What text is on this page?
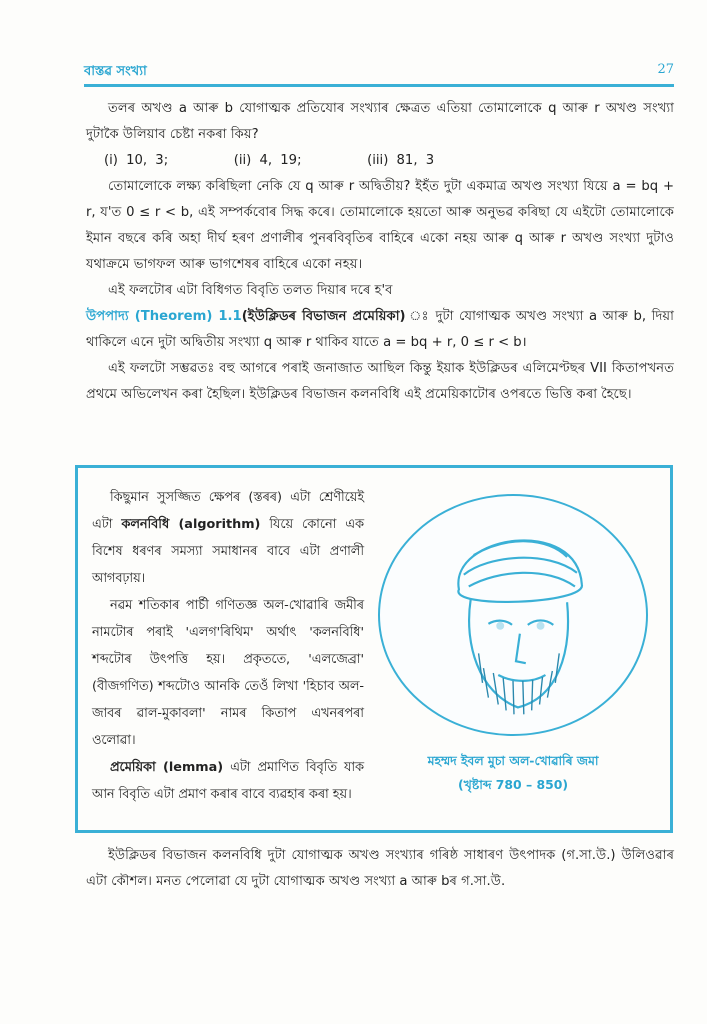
বাস্তৱ সংখ্যা	27

তলৰ অখণ্ড a আৰু b যোগাত্মক প্ৰতিযোৰ সংখ্যাৰ ক্ষেত্ৰত এতিয়া তোমালোকে q আৰু r অখণ্ড সংখ্যা দুটাকৈ উলিয়াব চেষ্টা নকৰা কিয়?

(i) 10, 3;	(ii) 4, 19;	(iii) 81, 3

তোমালোকে লক্ষ্য কৰিছিলা নেকি যে q আৰু r অদ্বিতীয়? ইহঁত দুটা একমাত্ৰ অখণ্ড সংখ্যা যিয়ে a = bq + r, য'ত 0 ≤ r < b, এই সম্পৰ্কবোৰ সিদ্ধ কৰে। তোমালোকে হয়তো আৰু অনুভৱ কৰিছা যে এইটো তোমালোকে ইমান বছৰে কৰি অহা দীৰ্ঘ হৰণ প্ৰণালীৰ পুনৰবিবৃতিৰ বাহিৰে একো নহয় আৰু q আৰু r অখণ্ড সংখ্যা দুটাও যথাক্ৰমে ভাগফল আৰু ভাগশেষৰ বাহিৰে একো নহয়।

এই ফলটোৰ এটা বিধিগত বিবৃতি তলত দিয়াৰ দৰে হ'ব

উপপাদ্য (Theorem) 1.1(ইউক্লিডৰ বিভাজন প্ৰমেয়িকা) ঃ দুটা যোগাত্মক অখণ্ড সংখ্যা a আৰু b, দিয়া থাকিলে এনে দুটা অদ্বিতীয় সংখ্যা q আৰু r থাকিব যাতে a = bq + r, 0 ≤ r < b।

এই ফলটো সম্ভৱতঃ বহু আগৰে পৰাই জনাজাত আছিল কিন্তু ইয়াক ইউক্লিডৰ এলিমেণ্টছৰ VII কিতাপখনত প্ৰথমে অভিলেখন কৰা হৈছিল। ইউক্লিডৰ বিভাজন কলনবিধি এই প্ৰমেয়িকাটোৰ ওপৰতে ভিত্তি কৰা হৈছে।

কিছুমান সুসজ্জিত ক্ষেপৰ (স্তৰৰ) এটা শ্ৰেণীয়েই এটা কলনবিধি (algorithm) যিয়ে কোনো এক বিশেষ ধৰণৰ সমস্যা সমাধানৰ বাবে এটা প্ৰণালী আগবঢ়ায়।

নৱম শতিকাৰ পাৰ্চী গণিতজ্ঞ অল-খোৱাৰি জমীৰ নামটোৰ পৰাই 'এলগ'ৰিথিম' অৰ্থাৎ 'কলনবিধি' শব্দটোৰ উৎপত্তি হয়। প্ৰকৃততে, 'এলজেব্ৰা' (বীজগণিত) শব্দটোও আনকি তেওঁ লিখা 'হিচাব অল-জাবৰ ৱাল-মুকাবলা' নামৰ কিতাপ এখনৰপৰা ওলোৱা।

প্ৰমেয়িকা (lemma) এটা প্ৰমাণিত বিবৃতি যাক আন বিবৃতি এটা প্ৰমাণ কৰাৰ বাবে ব্যৱহাৰ কৰা হয়।

মহম্মদ ইবল মুচা অল-খোৱাৰি জমা
(খৃষ্টাব্দ 780 – 850)

ইউক্লিডৰ বিভাজন কলনবিধি দুটা যোগাত্মক অখণ্ড সংখ্যাৰ গৰিষ্ঠ সাধাৰণ উৎপাদক (গ.সা.উ.) উলিওৱাৰ এটা কৌশল। মনত পেলোৱা যে দুটা যোগাত্মক অখণ্ড সংখ্যা a আৰু bৰ গ.সা.উ.
